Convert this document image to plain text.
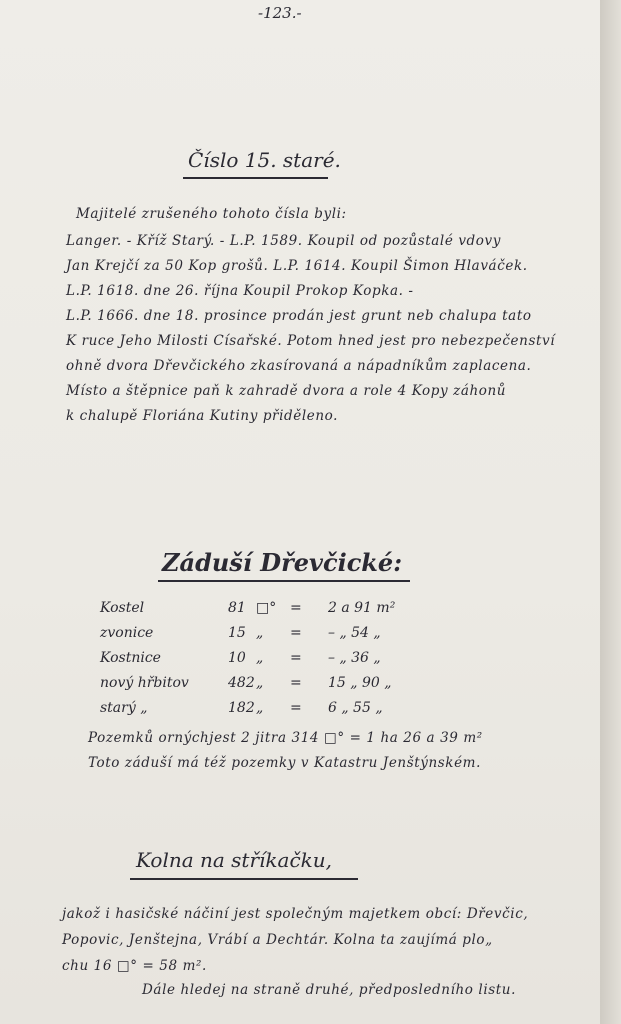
-123.-
Číslo 15. staré.
Majitelé zrušeného tohoto čísla byli:
Langer. - Kříž Starý. - L.P. 1589. Koupil od pozůstalé vdovy
Jan Krejčí za 50 Kop grošů. L.P. 1614. Koupil Šimon Hlaváček.
L.P. 1618. dne 26. října Koupil Prokop Kopka. -
L.P. 1666. dne 18. prosince prodán jest grunt neb chalupa tato
K ruce Jeho Milosti Císařské. Potom hned jest pro nebezpečenství
ohně dvora Dřevčického zkasírovaná a nápadníkům zaplacena.
Místo a štěpnice paň k zahradě dvora a role 4 Kopy záhonů
k chalupě Floriána Kutiny přiděleno.
Záduší Dřevčické:
Kostel	81 □° = 2 a 91 m²
zvonice	15 „ = – „ 54 „
Kostnice	10 „ = – „ 36 „
nový hřbitov	482 „ = 15 „ 90 „
starý „	182 „ = 6 „ 55 „
Pozemků ornýchjest 2 jitra 314 □° = 1 ha 26 a 39 m²
Toto záduší má též pozemky v Katastru Jenštýnském.
Kolna na stříkačku,
jakož i hasičské náčiní jest společným majetkem obcí: Dřevčic,
Popovic, Jenštejna, Vrábí a Dechtár. Kolna ta zaujímá plo„
chu 16 □° = 58 m².
Dále hledej na straně druhé, předposledního listu.
